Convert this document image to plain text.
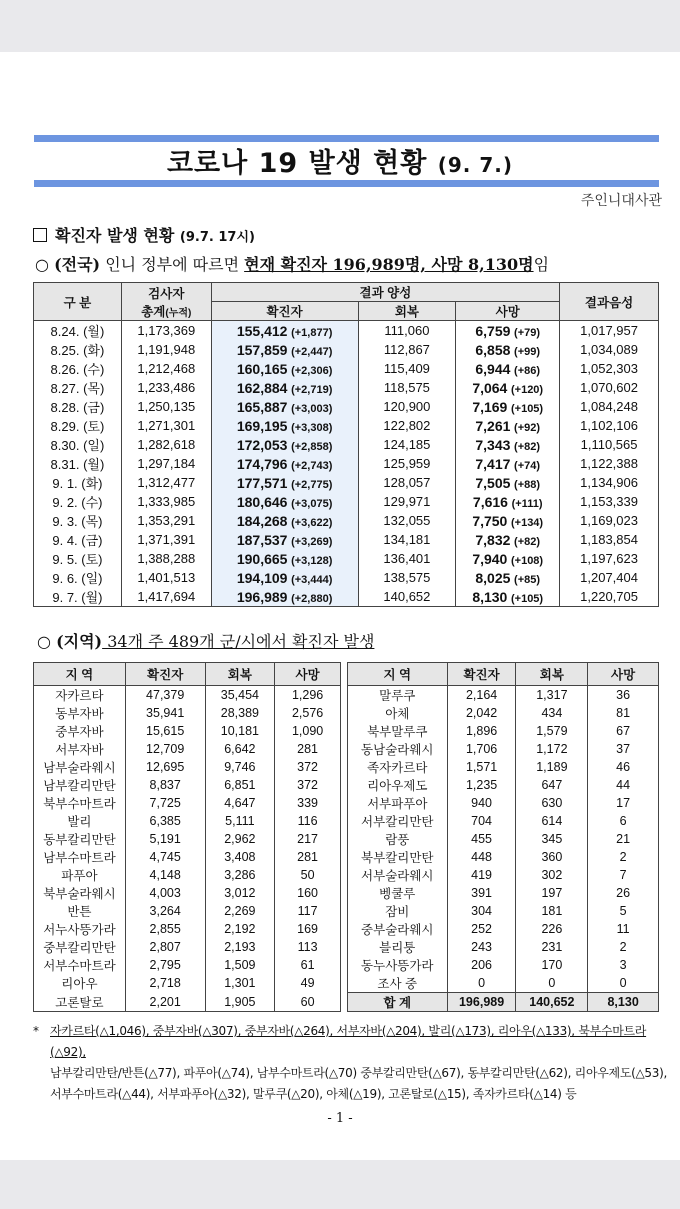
코로나 19 발생 현황 (9. 7.)
주인니대사관
확진자 발생 현황 (9.7. 17시)
○ (전국) 인니 정부에 따르면 현재 확진자 196,989명, 사망 8,130명임
구 분	검사자
총계(누적)	결과 양성			결과음성
		확진자	회복	사망	
8.24. (월)	1,173,369	155,412 (+1,877)	111,060	6,759 (+79)	1,017,957
8.25. (화)	1,191,948	157,859 (+2,447)	112,867	6,858 (+99)	1,034,089
8.26. (수)	1,212,468	160,165 (+2,306)	115,409	6,944 (+86)	1,052,303
8.27. (목)	1,233,486	162,884 (+2,719)	118,575	7,064 (+120)	1,070,602
8.28. (금)	1,250,135	165,887 (+3,003)	120,900	7,169 (+105)	1,084,248
8.29. (토)	1,271,301	169,195 (+3,308)	122,802	7,261 (+92)	1,102,106
8.30. (일)	1,282,618	172,053 (+2,858)	124,185	7,343 (+82)	1,110,565
8.31. (월)	1,297,184	174,796 (+2,743)	125,959	7,417 (+74)	1,122,388
9. 1. (화)	1,312,477	177,571 (+2,775)	128,057	7,505 (+88)	1,134,906
9. 2. (수)	1,333,985	180,646 (+3,075)	129,971	7,616 (+111)	1,153,339
9. 3. (목)	1,353,291	184,268 (+3,622)	132,055	7,750 (+134)	1,169,023
9. 4. (금)	1,371,391	187,537 (+3,269)	134,181	7,832 (+82)	1,183,854
9. 5. (토)	1,388,288	190,665 (+3,128)	136,401	7,940 (+108)	1,197,623
9. 6. (일)	1,401,513	194,109 (+3,444)	138,575	8,025 (+85)	1,207,404
9. 7. (월)	1,417,694	196,989 (+2,880)	140,652	8,130 (+105)	1,220,705
○ (지역) 34개 주 489개 군/시에서 확진자 발생
지 역	확진자	회복	사망		지 역	확진자	회복	사망
자카르타	47,379	35,454	1,296		말루쿠	2,164	1,317	36
동부자바	35,941	28,389	2,576		아체	2,042	434	81
중부자바	15,615	10,181	1,090		북부말루쿠	1,896	1,579	67
서부자바	12,709	6,642	281		동남술라웨시	1,706	1,172	37
남부술라웨시	12,695	9,746	372		족자카르타	1,571	1,189	46
남부칼리만탄	8,837	6,851	372		리아우제도	1,235	647	44
북부수마트라	7,725	4,647	339		서부파푸아	940	630	17
발리	6,385	5,111	116		서부칼리만탄	704	614	6
동부칼리만탄	5,191	2,962	217		람풍	455	345	21
남부수마트라	4,745	3,408	281		북부칼리만탄	448	360	2
파푸아	4,148	3,286	50		서부술라웨시	419	302	7
북부술라웨시	4,003	3,012	160		벵쿨루	391	197	26
반튼	3,264	2,269	117		잠비	304	181	5
서누사뜽가라	2,855	2,192	169		중부술라웨시	252	226	11
중부칼리만탄	2,807	2,193	113		블리퉁	243	231	2
서부수마트라	2,795	1,509	61		동누사뜽가라	206	170	3
리아우	2,718	1,301	49		조사 중	0	0	0
고론탈로	2,201	1,905	60		합 계	196,989	140,652	8,130
* 자카르타(△1,046), 중부자바(△307), 중부자바(△264), 서부자바(△204), 발리(△173), 리아우(△133), 북부수마트라(△92),
남부칼리만탄/반튼(△77), 파푸아(△74), 남부수마트라(△70) 중부칼리만탄(△67), 동부칼리만탄(△62), 리아우제도(△53),
서부수마트라(△44), 서부파푸아(△32), 말루쿠(△20), 아체(△19), 고론탈로(△15), 족자카르타(△14) 등
- 1 -
